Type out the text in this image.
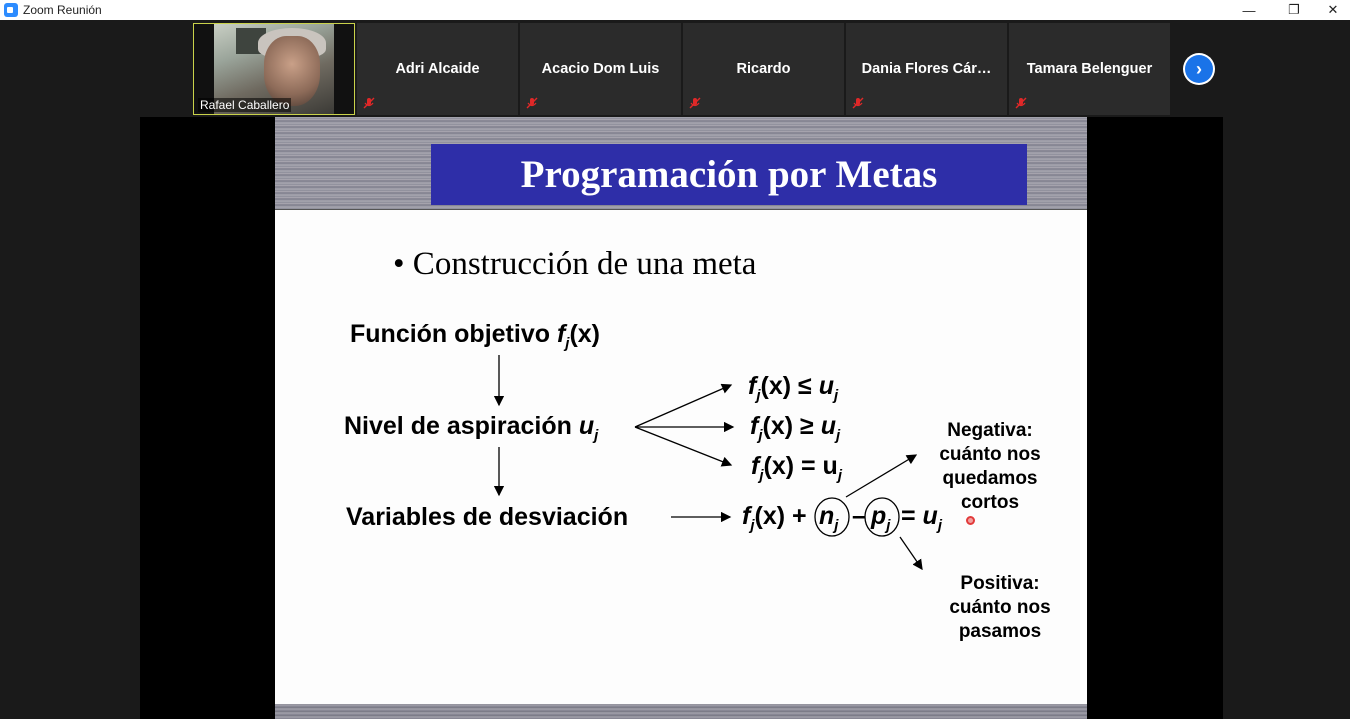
Zoom Reunión	—	❐	✕
Rafael Caballero
Adri Alcaide	Acacio Dom Luis	Ricardo	Dania Flores Cár…	Tamara Belenguer	›
Programación por Metas
• Construcción de una meta
Función objetivo $f_j(x)$
Nivel de aspiración $u_j$
Variables de desviación
$f_j(x) \le u_j$
$f_j(x) \ge u_j$
$f_j(x) = u_j$
$f_j(x) + n_j - p_j = u_j$
Negativa:
cuánto nos
quedamos
cortos
Positiva:
cuánto nos
pasamos
